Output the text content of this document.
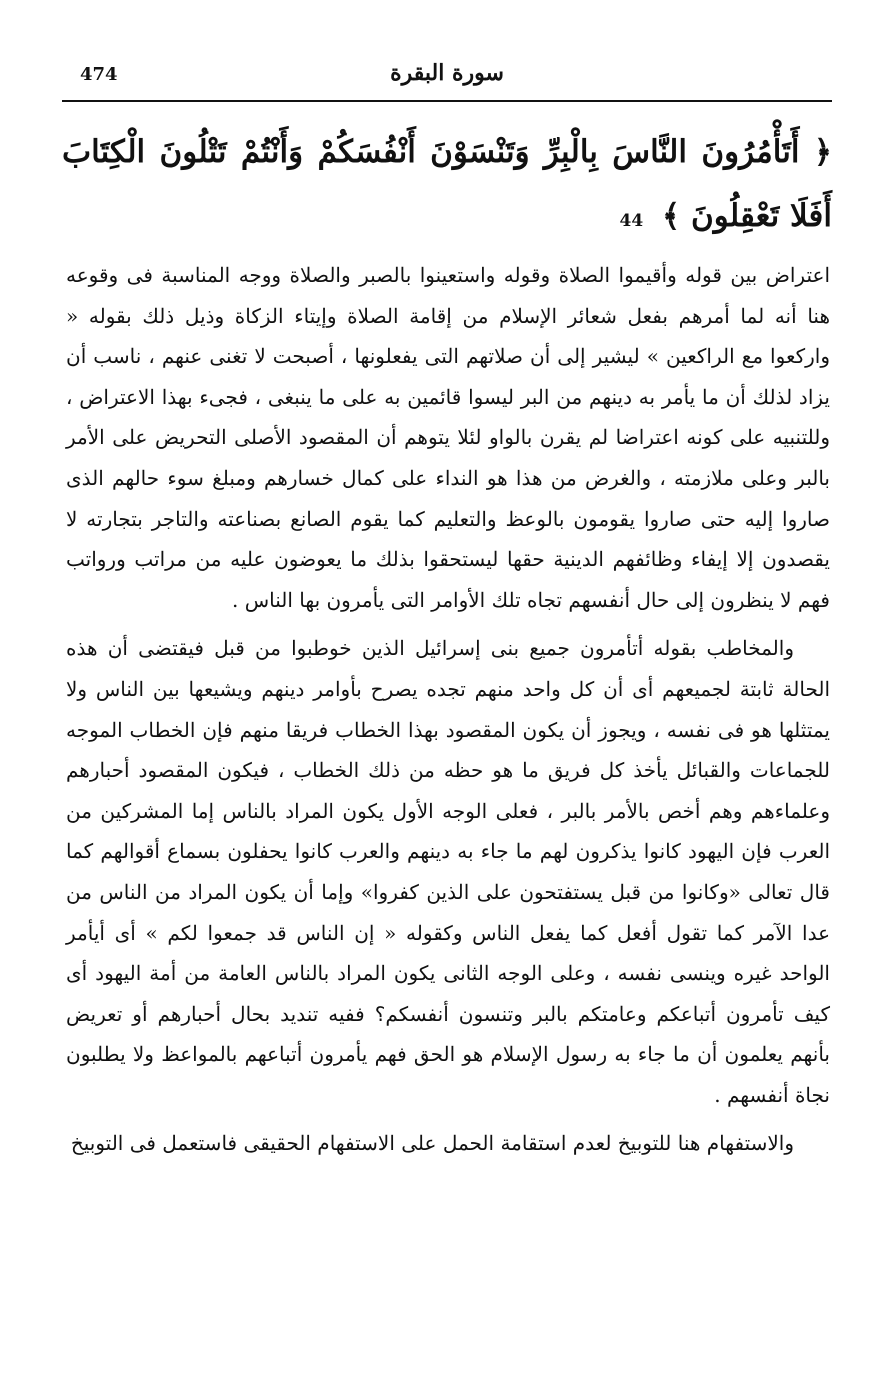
474	سورة البقرة
﴿ أَتَأْمُرُونَ النَّاسَ بِالْبِرِّ وَتَنْسَوْنَ أَنْفُسَكُمْ وَأَنْتُمْ تَتْلُونَ الْكِتَابَ أَفَلَا تَعْقِلُونَ ﴾ 44

اعتراض بين قوله وأقيموا الصلاة وقوله واستعينوا بالصبر والصلاة ووجه المناسبة فى وقوعه هنا أنه لما أمرهم بفعل شعائر الإسلام من إقامة الصلاة وإيتاء الزكاة وذيل ذلك بقوله « واركعوا مع الراكعين » ليشير إلى أن صلاتهم التى يفعلونها ، أصبحت لا تغنى عنهم ، ناسب أن يزاد لذلك أن ما يأمر به دينهم من البر ليسوا قائمين به على ما ينبغى ، فجىء بهذا الاعتراض ، وللتنبيه على كونه اعتراضا لم يقرن بالواو لئلا يتوهم أن المقصود الأصلى التحريض على الأمر بالبر وعلى ملازمته ، والغرض من هذا هو النداء على كمال خسارهم ومبلغ سوء حالهم الذى صاروا إليه حتى صاروا يقومون بالوعظ والتعليم كما يقوم الصانع بصناعته والتاجر بتجارته لا يقصدون إلا إيفاء وظائفهم الدينية حقها ليستحقوا بذلك ما يعوضون عليه من مراتب ورواتب فهم لا ينظرون إلى حال أنفسهم تجاه تلك الأوامر التى يأمرون بها الناس .

والمخاطب بقوله أتأمرون جميع بنى إسرائيل الذين خوطبوا من قبل فيقتضى أن هذه الحالة ثابتة لجميعهم أى أن كل واحد منهم تجده يصرح بأوامر دينهم ويشيعها بين الناس ولا يمتثلها هو فى نفسه ، ويجوز أن يكون المقصود بهذا الخطاب فريقا منهم فإن الخطاب الموجه للجماعات والقبائل يأخذ كل فريق ما هو حظه من ذلك الخطاب ، فيكون المقصود أحبارهم وعلماءهم وهم أخص بالأمر بالبر ، فعلى الوجه الأول يكون المراد بالناس إما المشركين من العرب فإن اليهود كانوا يذكرون لهم ما جاء به دينهم والعرب كانوا يحفلون بسماع أقوالهم كما قال تعالى «وكانوا من قبل يستفتحون على الذين كفروا» وإما أن يكون المراد من الناس من عدا الآمر كما تقول أفعل كما يفعل الناس وكقوله « إن الناس قد جمعوا لكم » أى أيأمر الواحد غيره وينسى نفسه ، وعلى الوجه الثانى يكون المراد بالناس العامة من أمة اليهود أى كيف تأمرون أتباعكم وعامتكم بالبر وتنسون أنفسكم؟ ففيه تنديد بحال أحبارهم أو تعريض بأنهم يعلمون أن ما جاء به رسول الإسلام هو الحق فهم يأمرون أتباعهم بالمواعظ ولا يطلبون نجاة أنفسهم .

والاستفهام هنا للتوبيخ لعدم استقامة الحمل على الاستفهام الحقيقى فاستعمل فى التوبيخ
